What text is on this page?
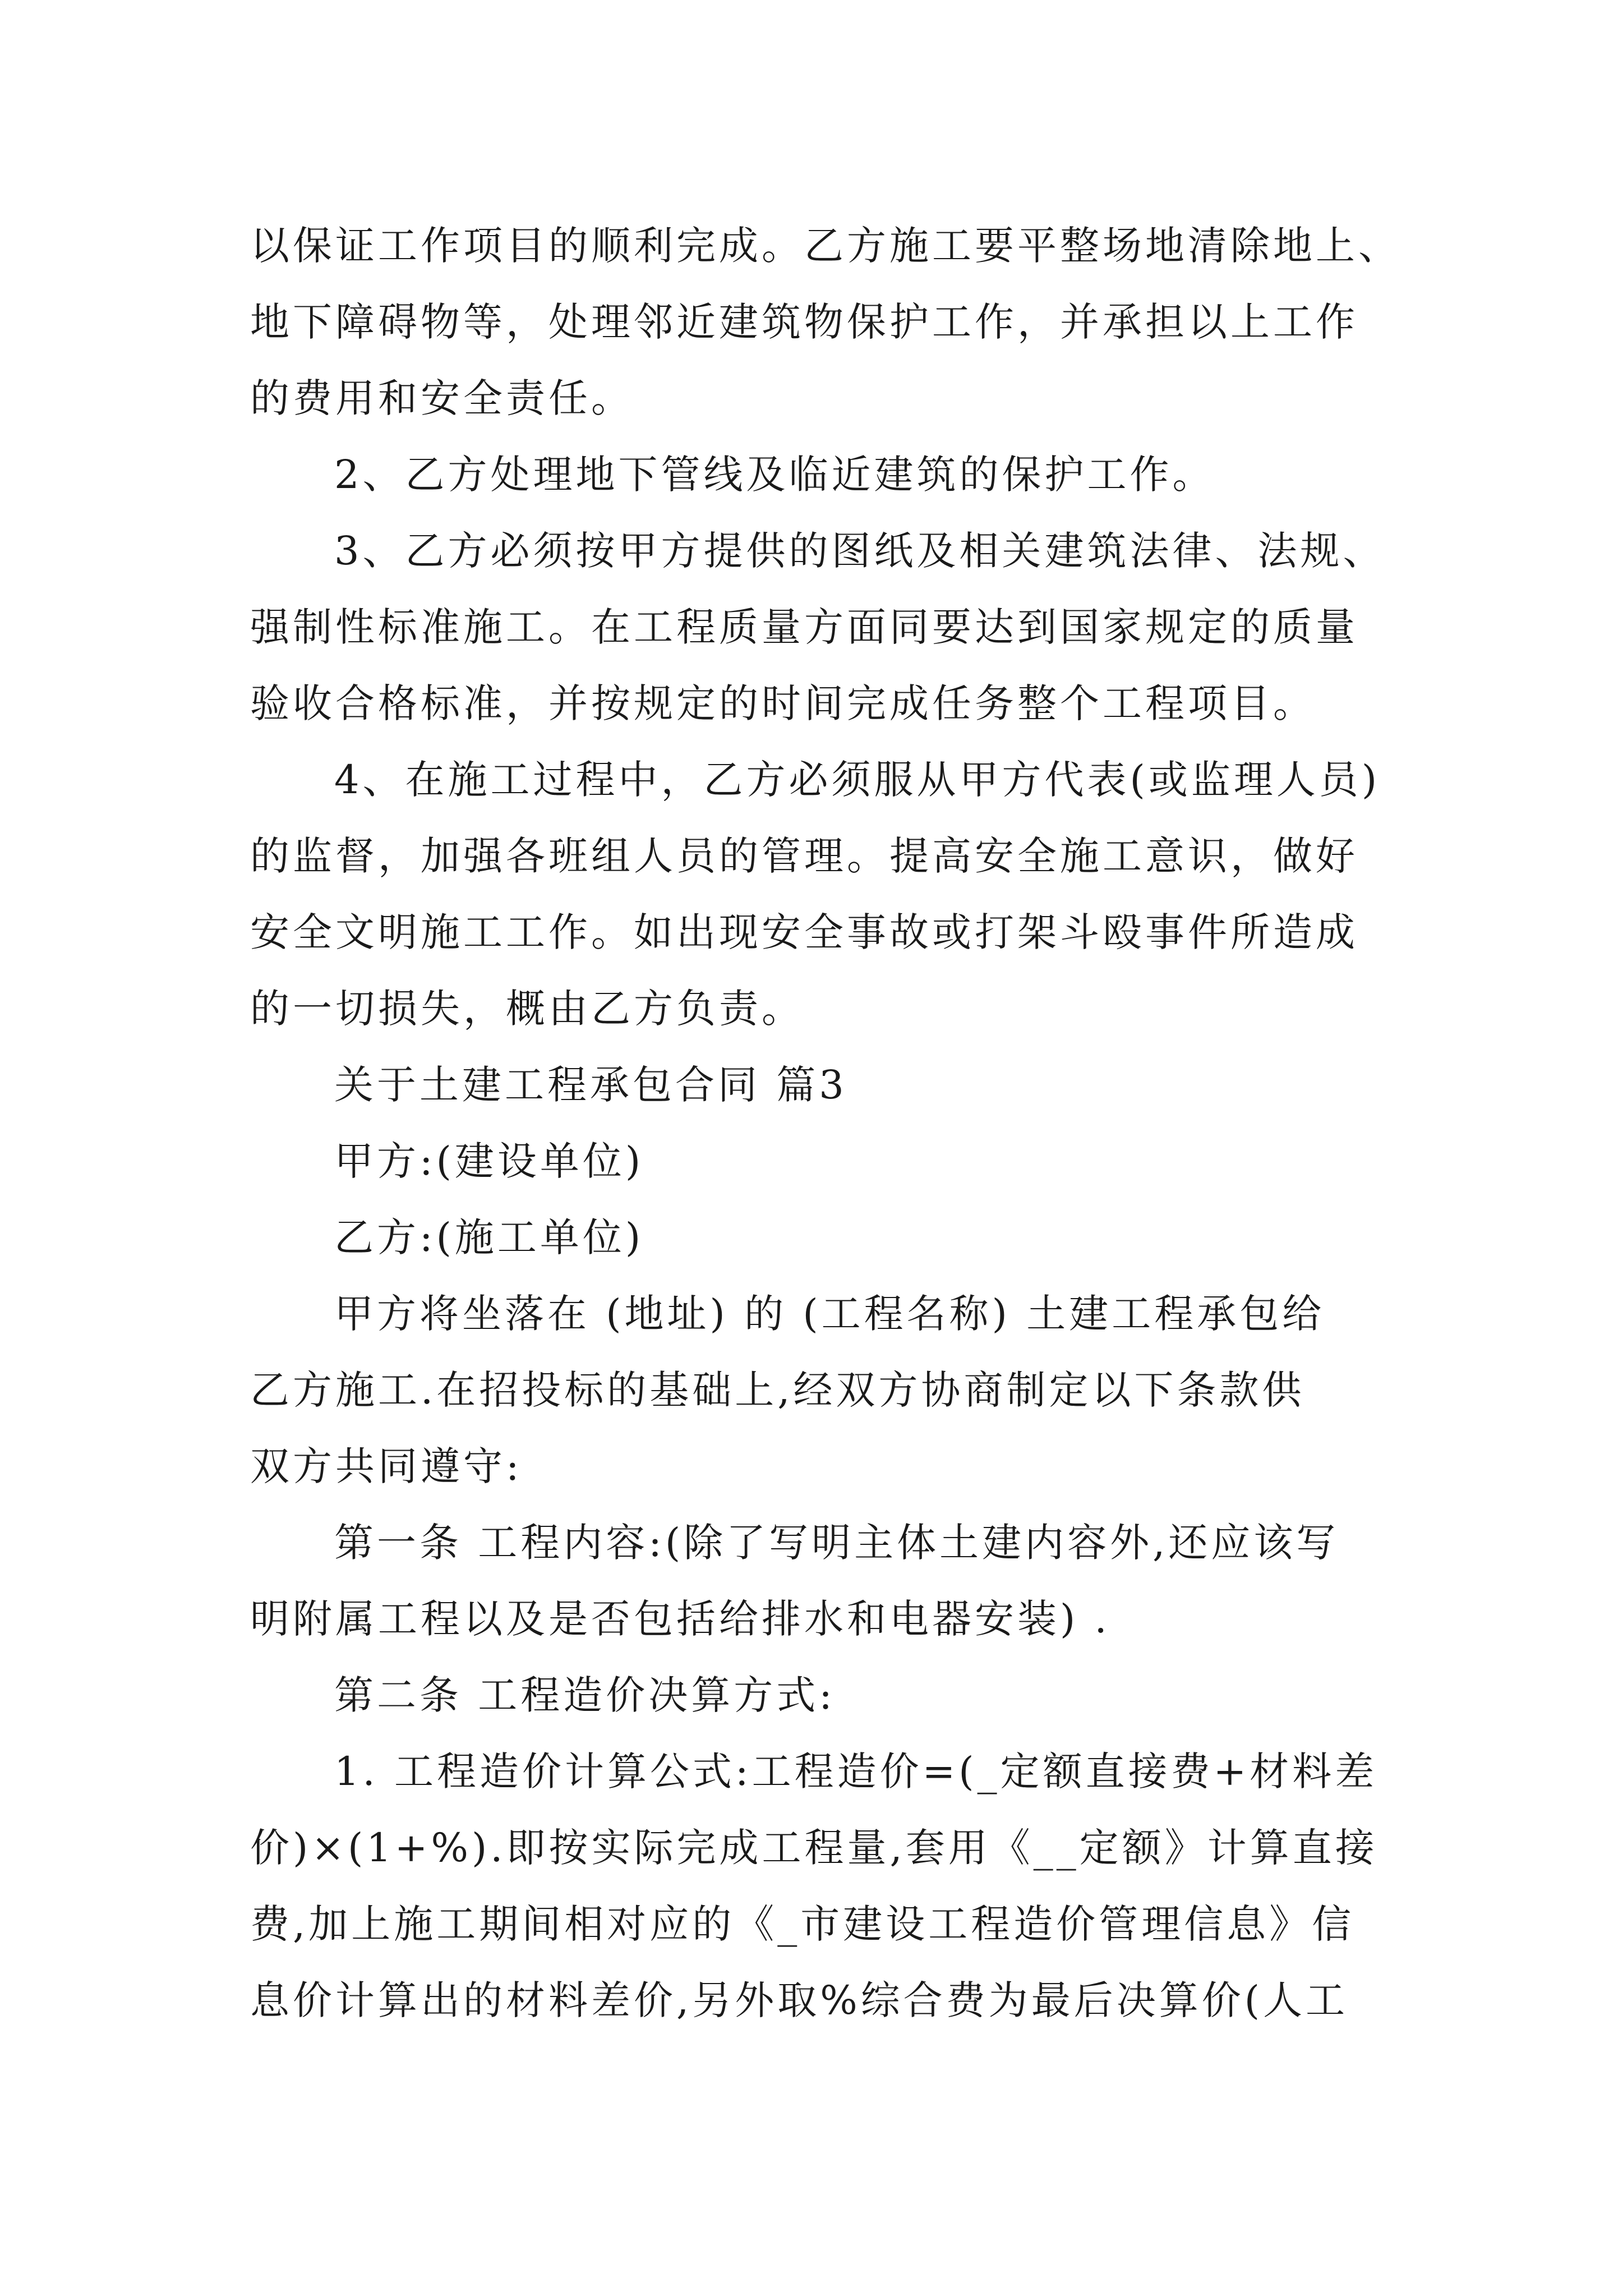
以保证工作项目的顺利完成。乙方施工要平整场地清除地上、
地下障碍物等，处理邻近建筑物保护工作，并承担以上工作
的费用和安全责任。
2、乙方处理地下管线及临近建筑的保护工作。
3、乙方必须按甲方提供的图纸及相关建筑法律、法规、
强制性标准施工。在工程质量方面同要达到国家规定的质量
验收合格标准，并按规定的时间完成任务整个工程项目。
4、在施工过程中，乙方必须服从甲方代表(或监理人员)
的监督，加强各班组人员的管理。提高安全施工意识，做好
安全文明施工工作。如出现安全事故或打架斗殴事件所造成
的一切损失，概由乙方负责。
关于土建工程承包合同 篇3
甲方:(建设单位)
乙方:(施工单位)
甲方将坐落在 (地址) 的 (工程名称) 土建工程承包给
乙方施工.在招投标的基础上,经双方协商制定以下条款供
双方共同遵守:
第一条 工程内容:(除了写明主体土建内容外,还应该写
明附属工程以及是否包括给排水和电器安装) .
第二条 工程造价决算方式:
1. 工程造价计算公式:工程造价=(_定额直接费+材料差
价)×(1+%).即按实际完成工程量,套用《__定额》计算直接
费,加上施工期间相对应的《_市建设工程造价管理信息》信
息价计算出的材料差价,另外取%综合费为最后决算价(人工
